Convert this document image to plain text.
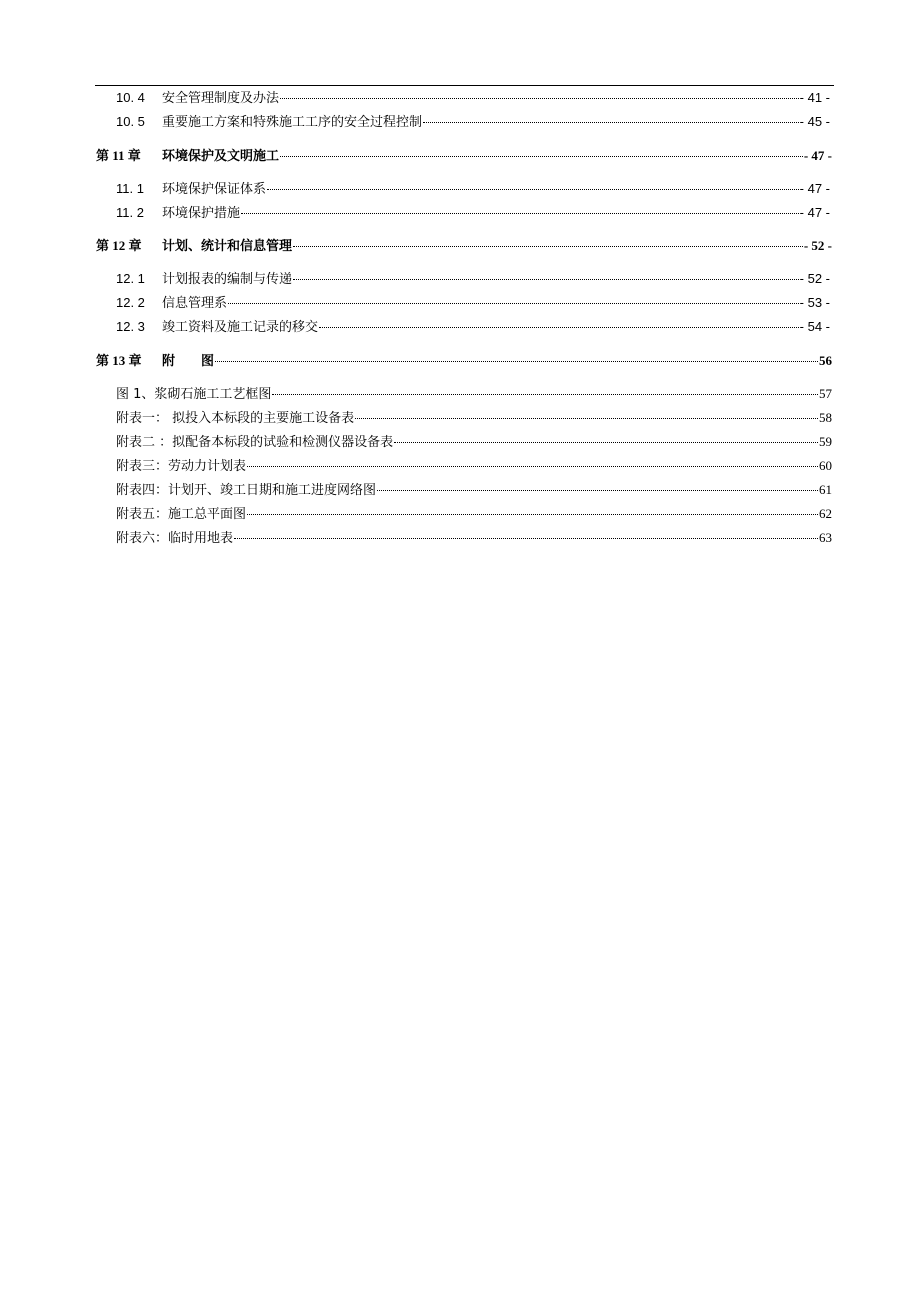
10. 4	安全管理制度及办法	- 41 -
10. 5	重要施工方案和特殊施工工序的安全过程控制	- 45 -
第 11 章	环境保护及文明施工	- 47 -
11. 1	环境保护保证体系	- 47 -
11. 2	环境保护措施	- 47 -
第 12 章	计划、统计和信息管理	- 52 -
12. 1	计划报表的编制与传递	- 52 -
12. 2	信息管理系	- 53 -
12. 3	竣工资料及施工记录的移交	- 54 -
第 13 章	附　　图	56
图 1、浆砌石施工工艺框图	57
附表一： 拟投入本标段的主要施工设备表	58
附表二 ：拟配备本标段的试验和检测仪器设备表	59
附表三：劳动力计划表	60
附表四：计划开、竣工日期和施工进度网络图	61
附表五：施工总平面图	62
附表六：临时用地表	63
